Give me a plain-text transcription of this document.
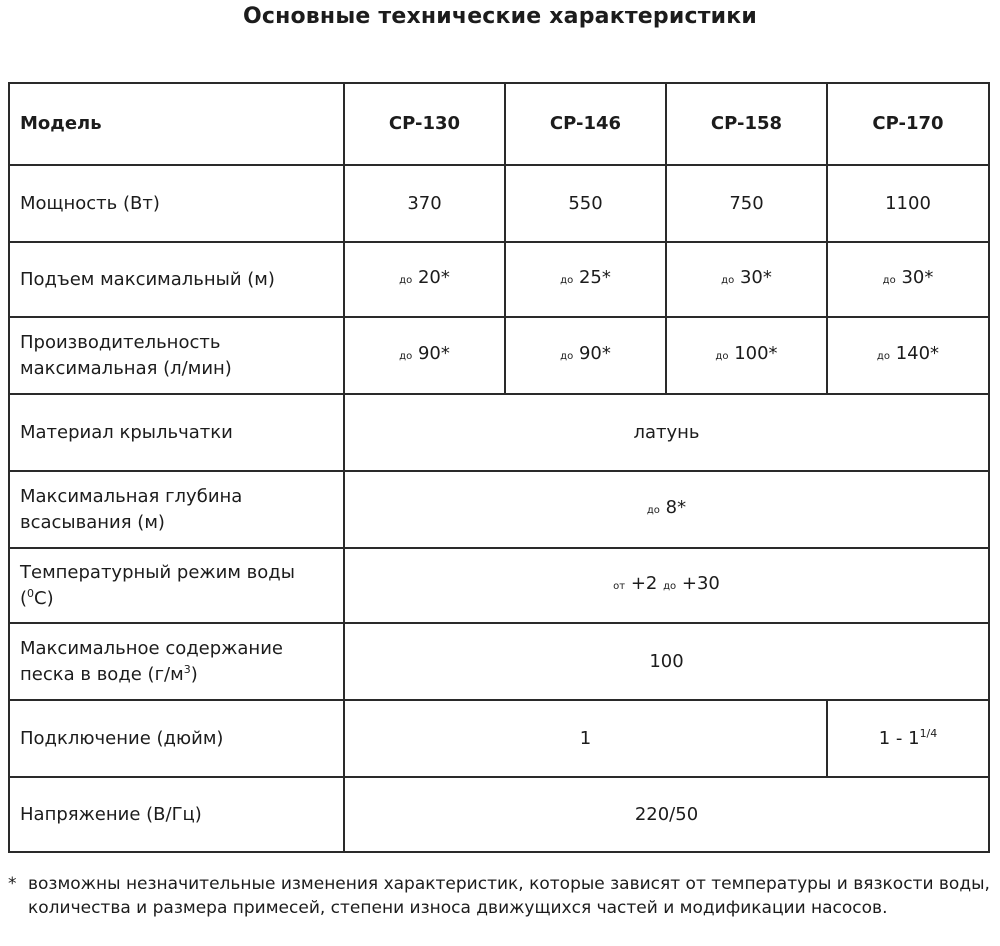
Основные технические характеристики
Модель	CP-130	CP-146	CP-158	CP-170
Мощность (Вт)	370	550	750	1100
Подъем максимальный (м)	до 20*	до 25*	до 30*	до 30*
Производительность
максимальная (л/мин)	до 90*	до 90*	до 100*	до 140*
Материал крыльчатки	латунь			
Максимальная глубина
всасывания (м)	до 8*			
Температурный режим воды ($^0$C)	от +2 до +30			
Максимальное содержание
песка в воде $(г/м^3)$	100			
Подключение (дюйм)	1			$1 - 1^{1/4}$
Напряжение (В/Гц)	220/50			
* возможны незначительные изменения характеристик, которые зависят от температуры и вязкости воды, количества и размера примесей, степени износа движущихся частей и модификации насосов.
